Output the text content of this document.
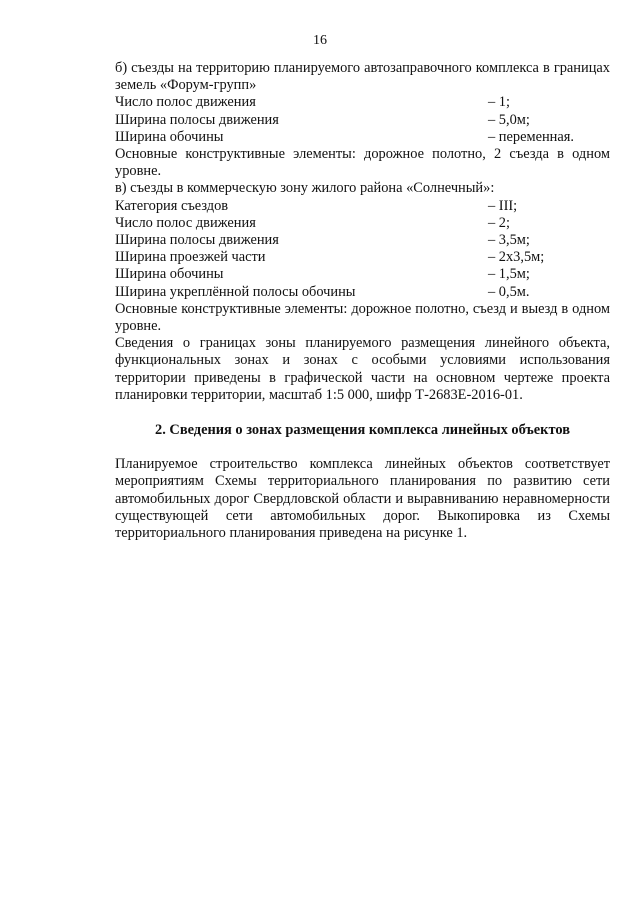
16

б) съезды на территорию планируемого автозаправочного комплекса в границах земель «Форум-групп»

Число полос движения	– 1;
Ширина полосы движения	– 5,0м;
Ширина обочины	– переменная.

Основные конструктивные элементы: дорожное полотно, 2 съезда в одном уровне.

в) съезды в коммерческую зону жилого района «Солнечный»:

Категория съездов	– III;
Число полос движения	– 2;
Ширина полосы движения	– 3,5м;
Ширина проезжей части	– 2х3,5м;
Ширина обочины	– 1,5м;
Ширина укреплённой полосы обочины	– 0,5м.

Основные конструктивные элементы: дорожное полотно, съезд и выезд в одном уровне.

Сведения о границах зоны планируемого размещения линейного объекта, функциональных зонах и зонах с особыми условиями использования территории приведены в графической части на основном чертеже проекта планировки территории, масштаб 1:5 000, шифр Т-2683Е-2016-01.

2. Сведения о зонах размещения комплекса линейных объектов

Планируемое строительство комплекса линейных объектов соответствует мероприятиям Схемы территориального планирования по развитию сети автомобильных дорог Свердловской области и выравниванию неравномерности существующей сети автомобильных дорог. Выкопировка из Схемы территориального планирования приведена на рисунке 1.
